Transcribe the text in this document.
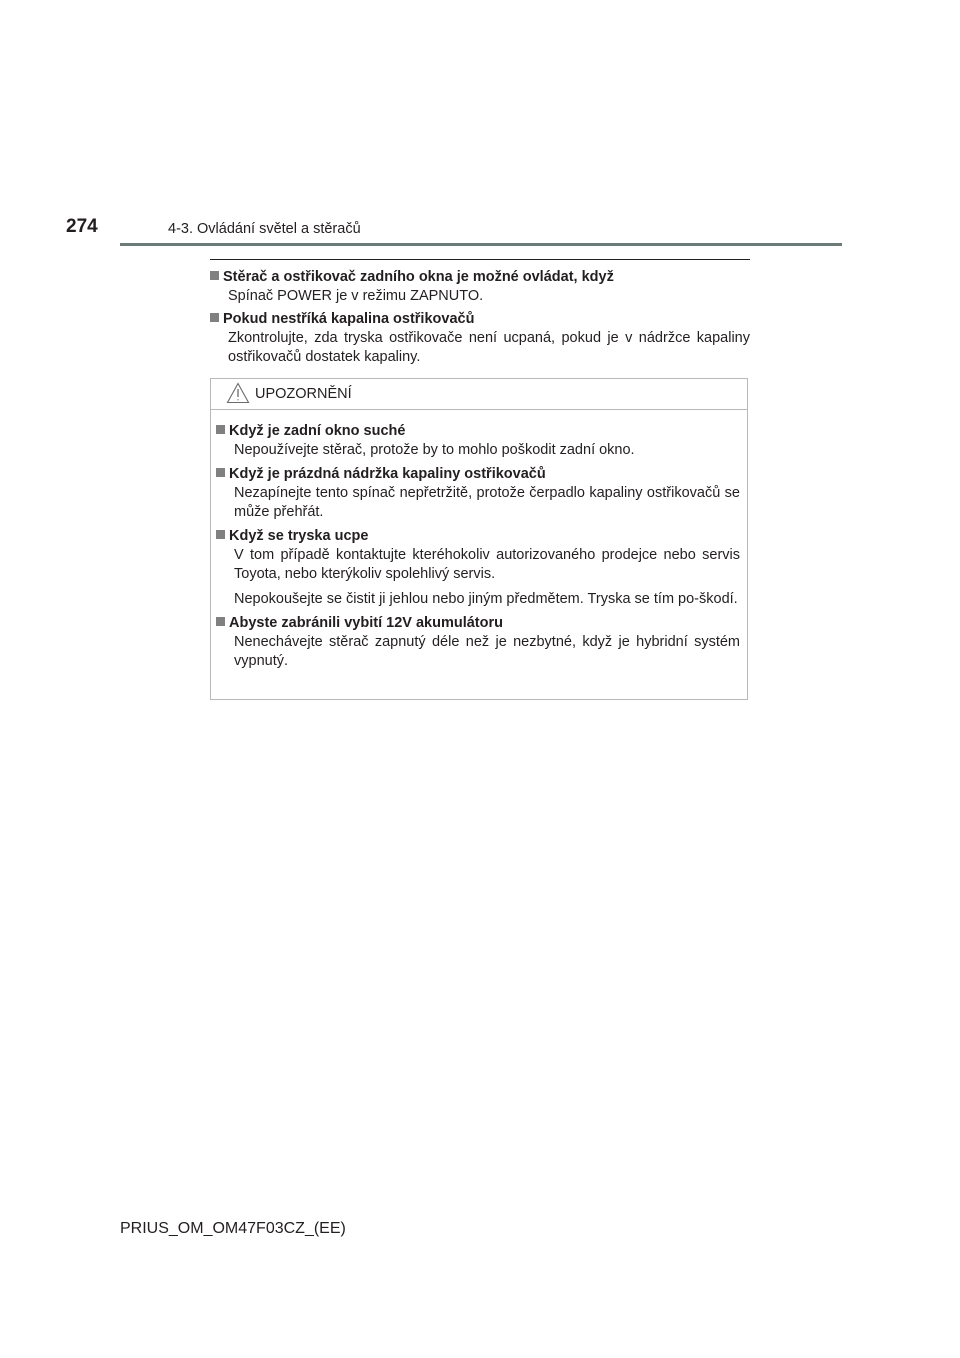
274	4-3. Ovládání světel a stěračů
Stěrač a ostřikovač zadního okna je možné ovládat, když

Spínač POWER je v režimu ZAPNUTO.

Pokud nestříká kapalina ostřikovačů

Zkontrolujte, zda tryska ostřikovače není ucpaná, pokud je v nádržce kapaliny ostřikovačů dostatek kapaliny.

UPOZORNĚNÍ
Když je zadní okno suché

Nepoužívejte stěrač, protože by to mohlo poškodit zadní okno.

Když je prázdná nádržka kapaliny ostřikovačů

Nezapínejte tento spínač nepřetržitě, protože čerpadlo kapaliny ostřikovačů se může přehřát.

Když se tryska ucpe

V tom případě kontaktujte kteréhokoliv autorizovaného prodejce nebo servis Toyota, nebo kterýkoliv spolehlivý servis.

Nepokoušejte se čistit ji jehlou nebo jiným předmětem. Tryska se tím po-škodí.

Abyste zabránili vybití 12V akumulátoru

Nenechávejte stěrač zapnutý déle než je nezbytné, když je hybridní systém vypnutý.

PRIUS_OM_OM47F03CZ_(EE)
